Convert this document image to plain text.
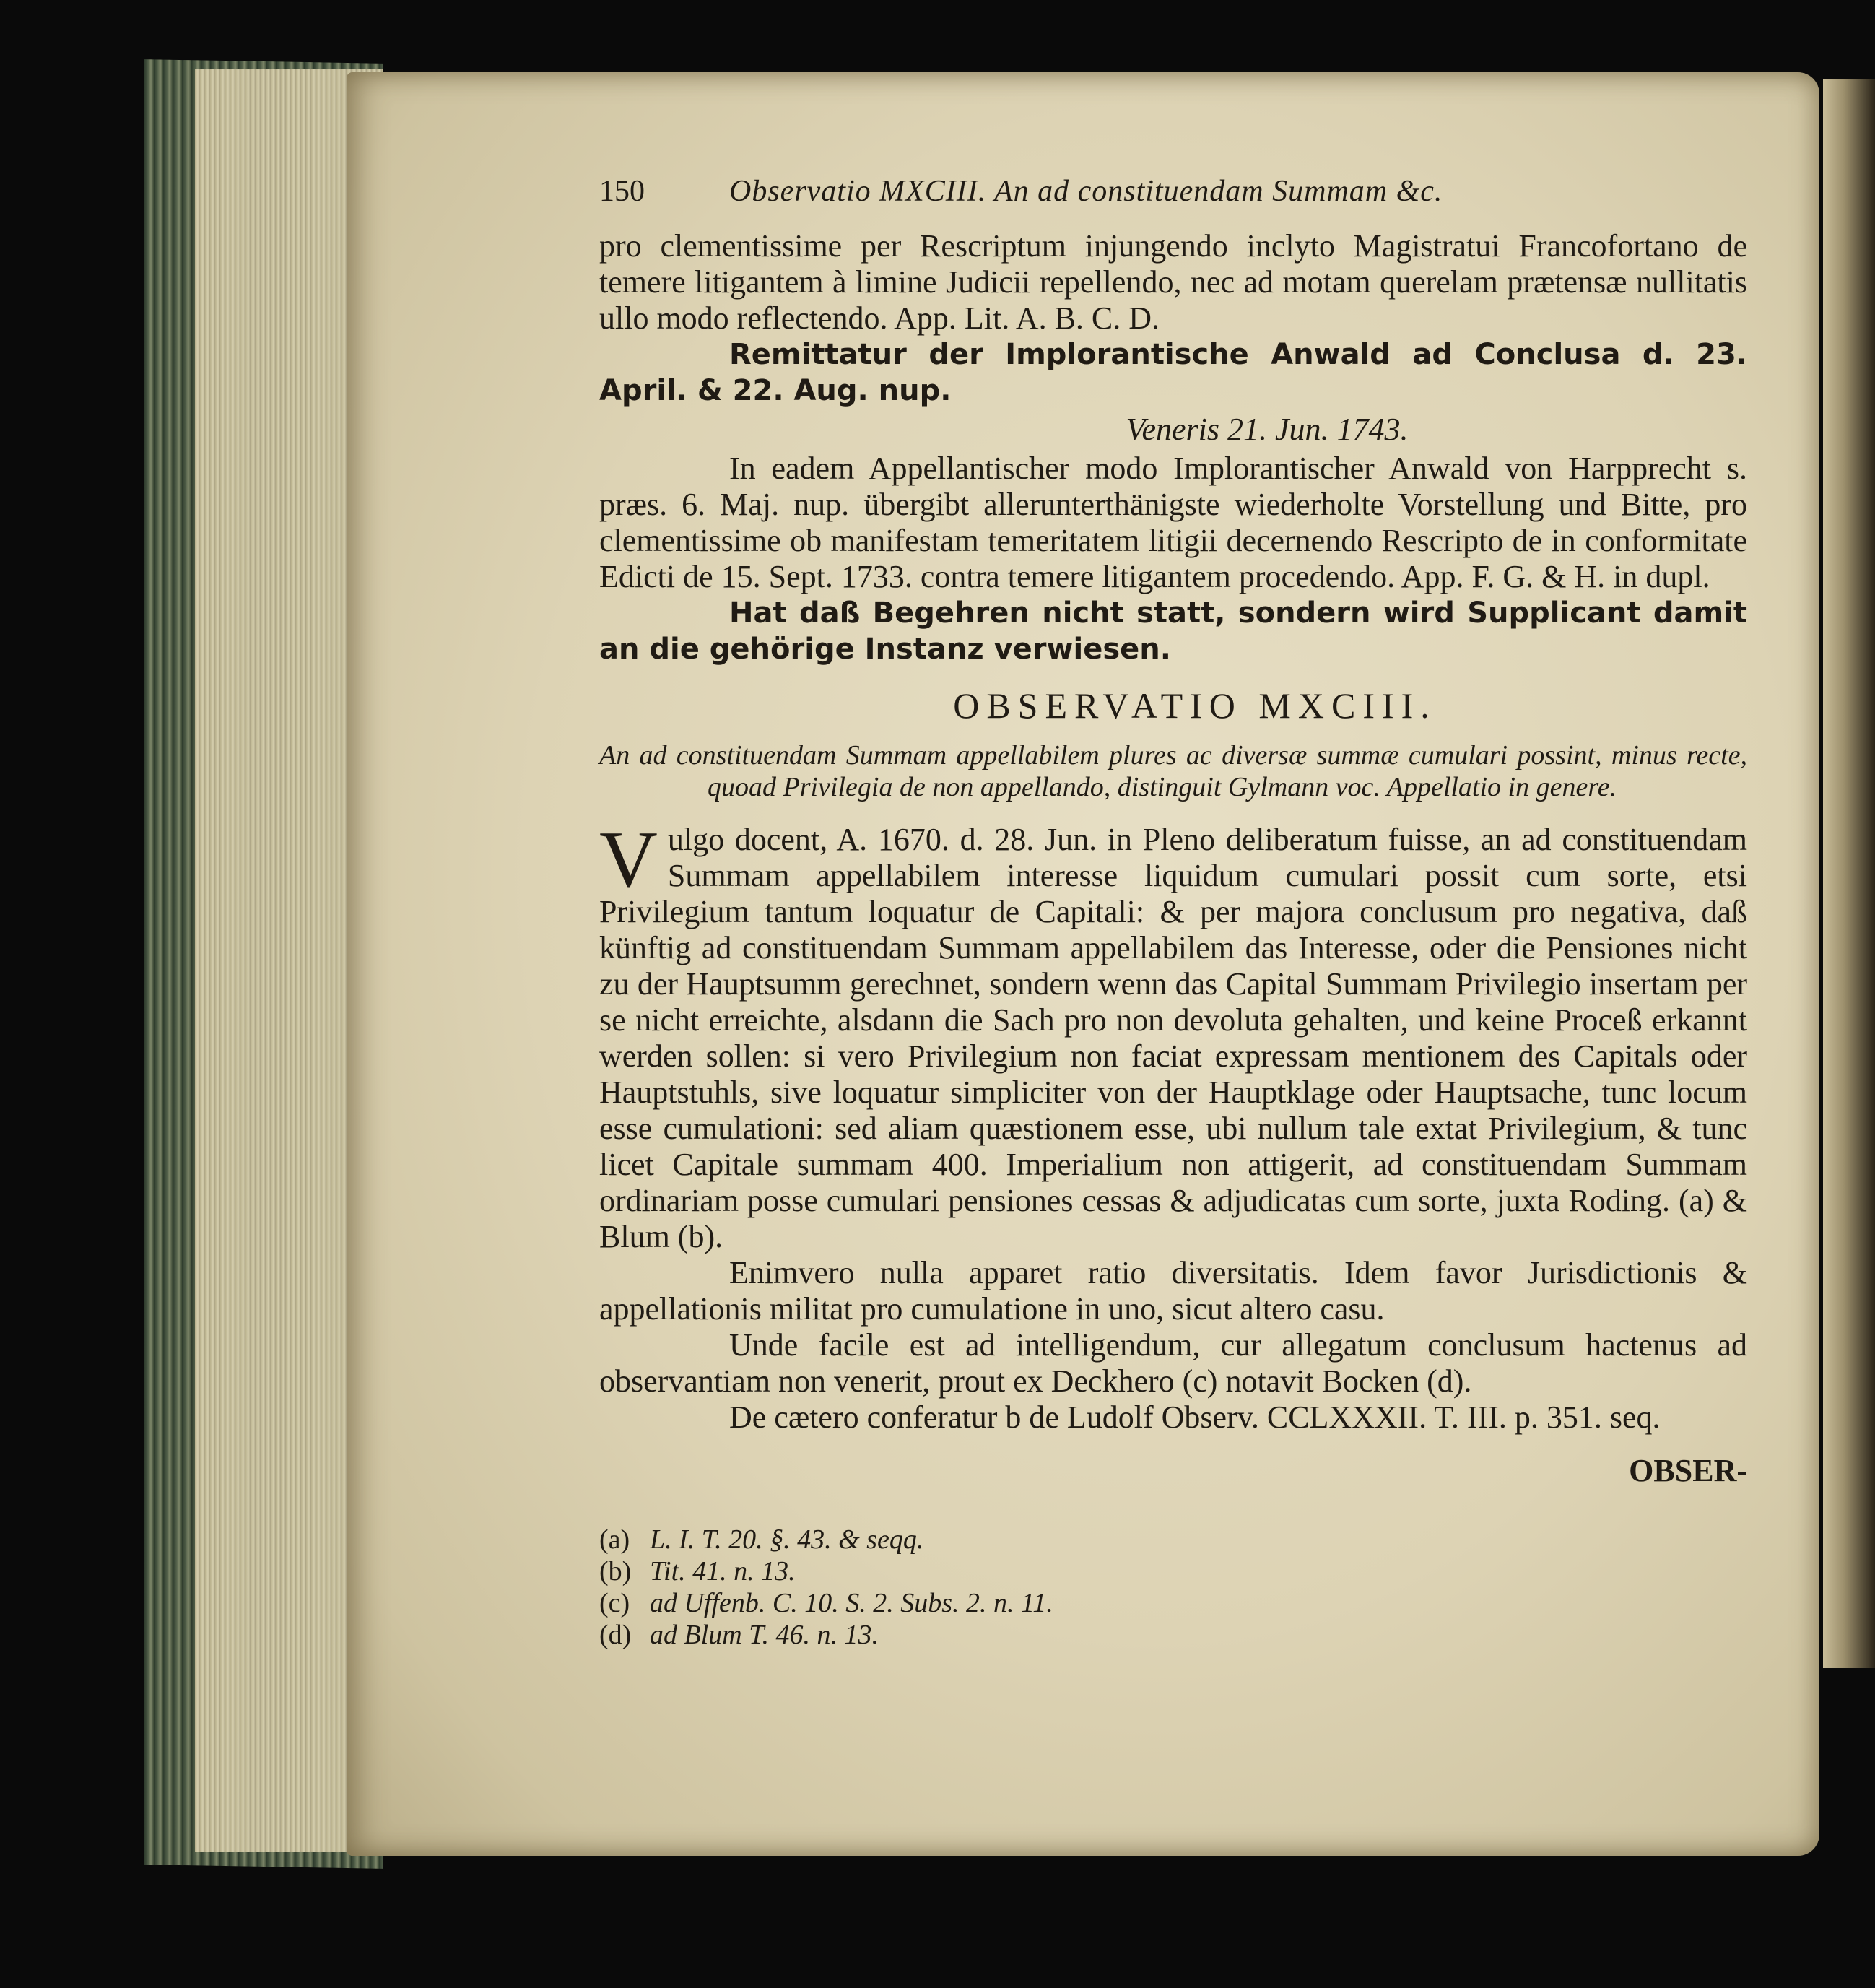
150	Observatio MXCIII. An ad constituendam Summam &c.

pro clementissime per Rescriptum injungendo inclyto Magistratui Francofortano de temere litigantem à limine Judicii repellendo, nec ad motam querelam prætensæ nullitatis ullo modo reflectendo. App. Lit. A. B. C. D.

Remittatur der Implorantische Anwald ad Conclusa d. 23. April. & 22. Aug. nup.

Veneris 21. Jun. 1743.

In eadem Appellantischer modo Implorantischer Anwald von Harpprecht s. præs. 6. Maj. nup. übergibt allerunterthänigste wiederholte Vorstellung und Bitte, pro clementissime ob manifestam temeritatem litigii decernendo Rescripto de in conformitate Edicti de 15. Sept. 1733. contra temere litigantem procedendo. App. F. G. & H. in dupl.

Hat daß Begehren nicht statt, sondern wird Supplicant damit an die gehörige Instanz verwiesen.

OBSERVATIO MXCIII.

An ad constituendam Summam appellabilem plures ac diversæ summæ cumulari possint, minus recte, quoad Privilegia de non appellando, distinguit Gylmann voc. Appellatio in genere.

Vulgo docent, A. 1670. d. 28. Jun. in Pleno deliberatum fuisse, an ad constituendam Summam appellabilem interesse liquidum cumulari possit cum sorte, etsi Privilegium tantum loquatur de Capitali: & per majora conclusum pro negativa, daß künftig ad constituendam Summam appellabilem das Interesse, oder die Pensiones nicht zu der Hauptsumm gerechnet, sondern wenn das Capital Summam Privilegio insertam per se nicht erreichte, alsdann die Sach pro non devoluta gehalten, und keine Proceß erkannt werden sollen: si vero Privilegium non faciat expressam mentionem des Capitals oder Hauptstuhls, sive loquatur simpliciter von der Hauptklage oder Hauptsache, tunc locum esse cumulationi: sed aliam quæstionem esse, ubi nullum tale extat Privilegium, & tunc licet Capitale summam 400. Imperialium non attigerit, ad constituendam Summam ordinariam posse cumulari pensiones cessas & adjudicatas cum sorte, juxta Roding. (a) & Blum (b).

Enimvero nulla apparet ratio diversitatis. Idem favor Jurisdictionis & appellationis militat pro cumulatione in uno, sicut altero casu.

Unde facile est ad intelligendum, cur allegatum conclusum hactenus ad observantiam non venerit, prout ex Deckhero (c) notavit Bocken (d).

De cætero conferatur b de Ludolf Observ. CCLXXXII. T. III. p. 351. seq.

OBSER-
(a) L. I. T. 20. §. 43. & seqq.
(b) Tit. 41. n. 13.
(c) ad Uffenb. C. 10. S. 2. Subs. 2. n. 11.
(d) ad Blum T. 46. n. 13.
